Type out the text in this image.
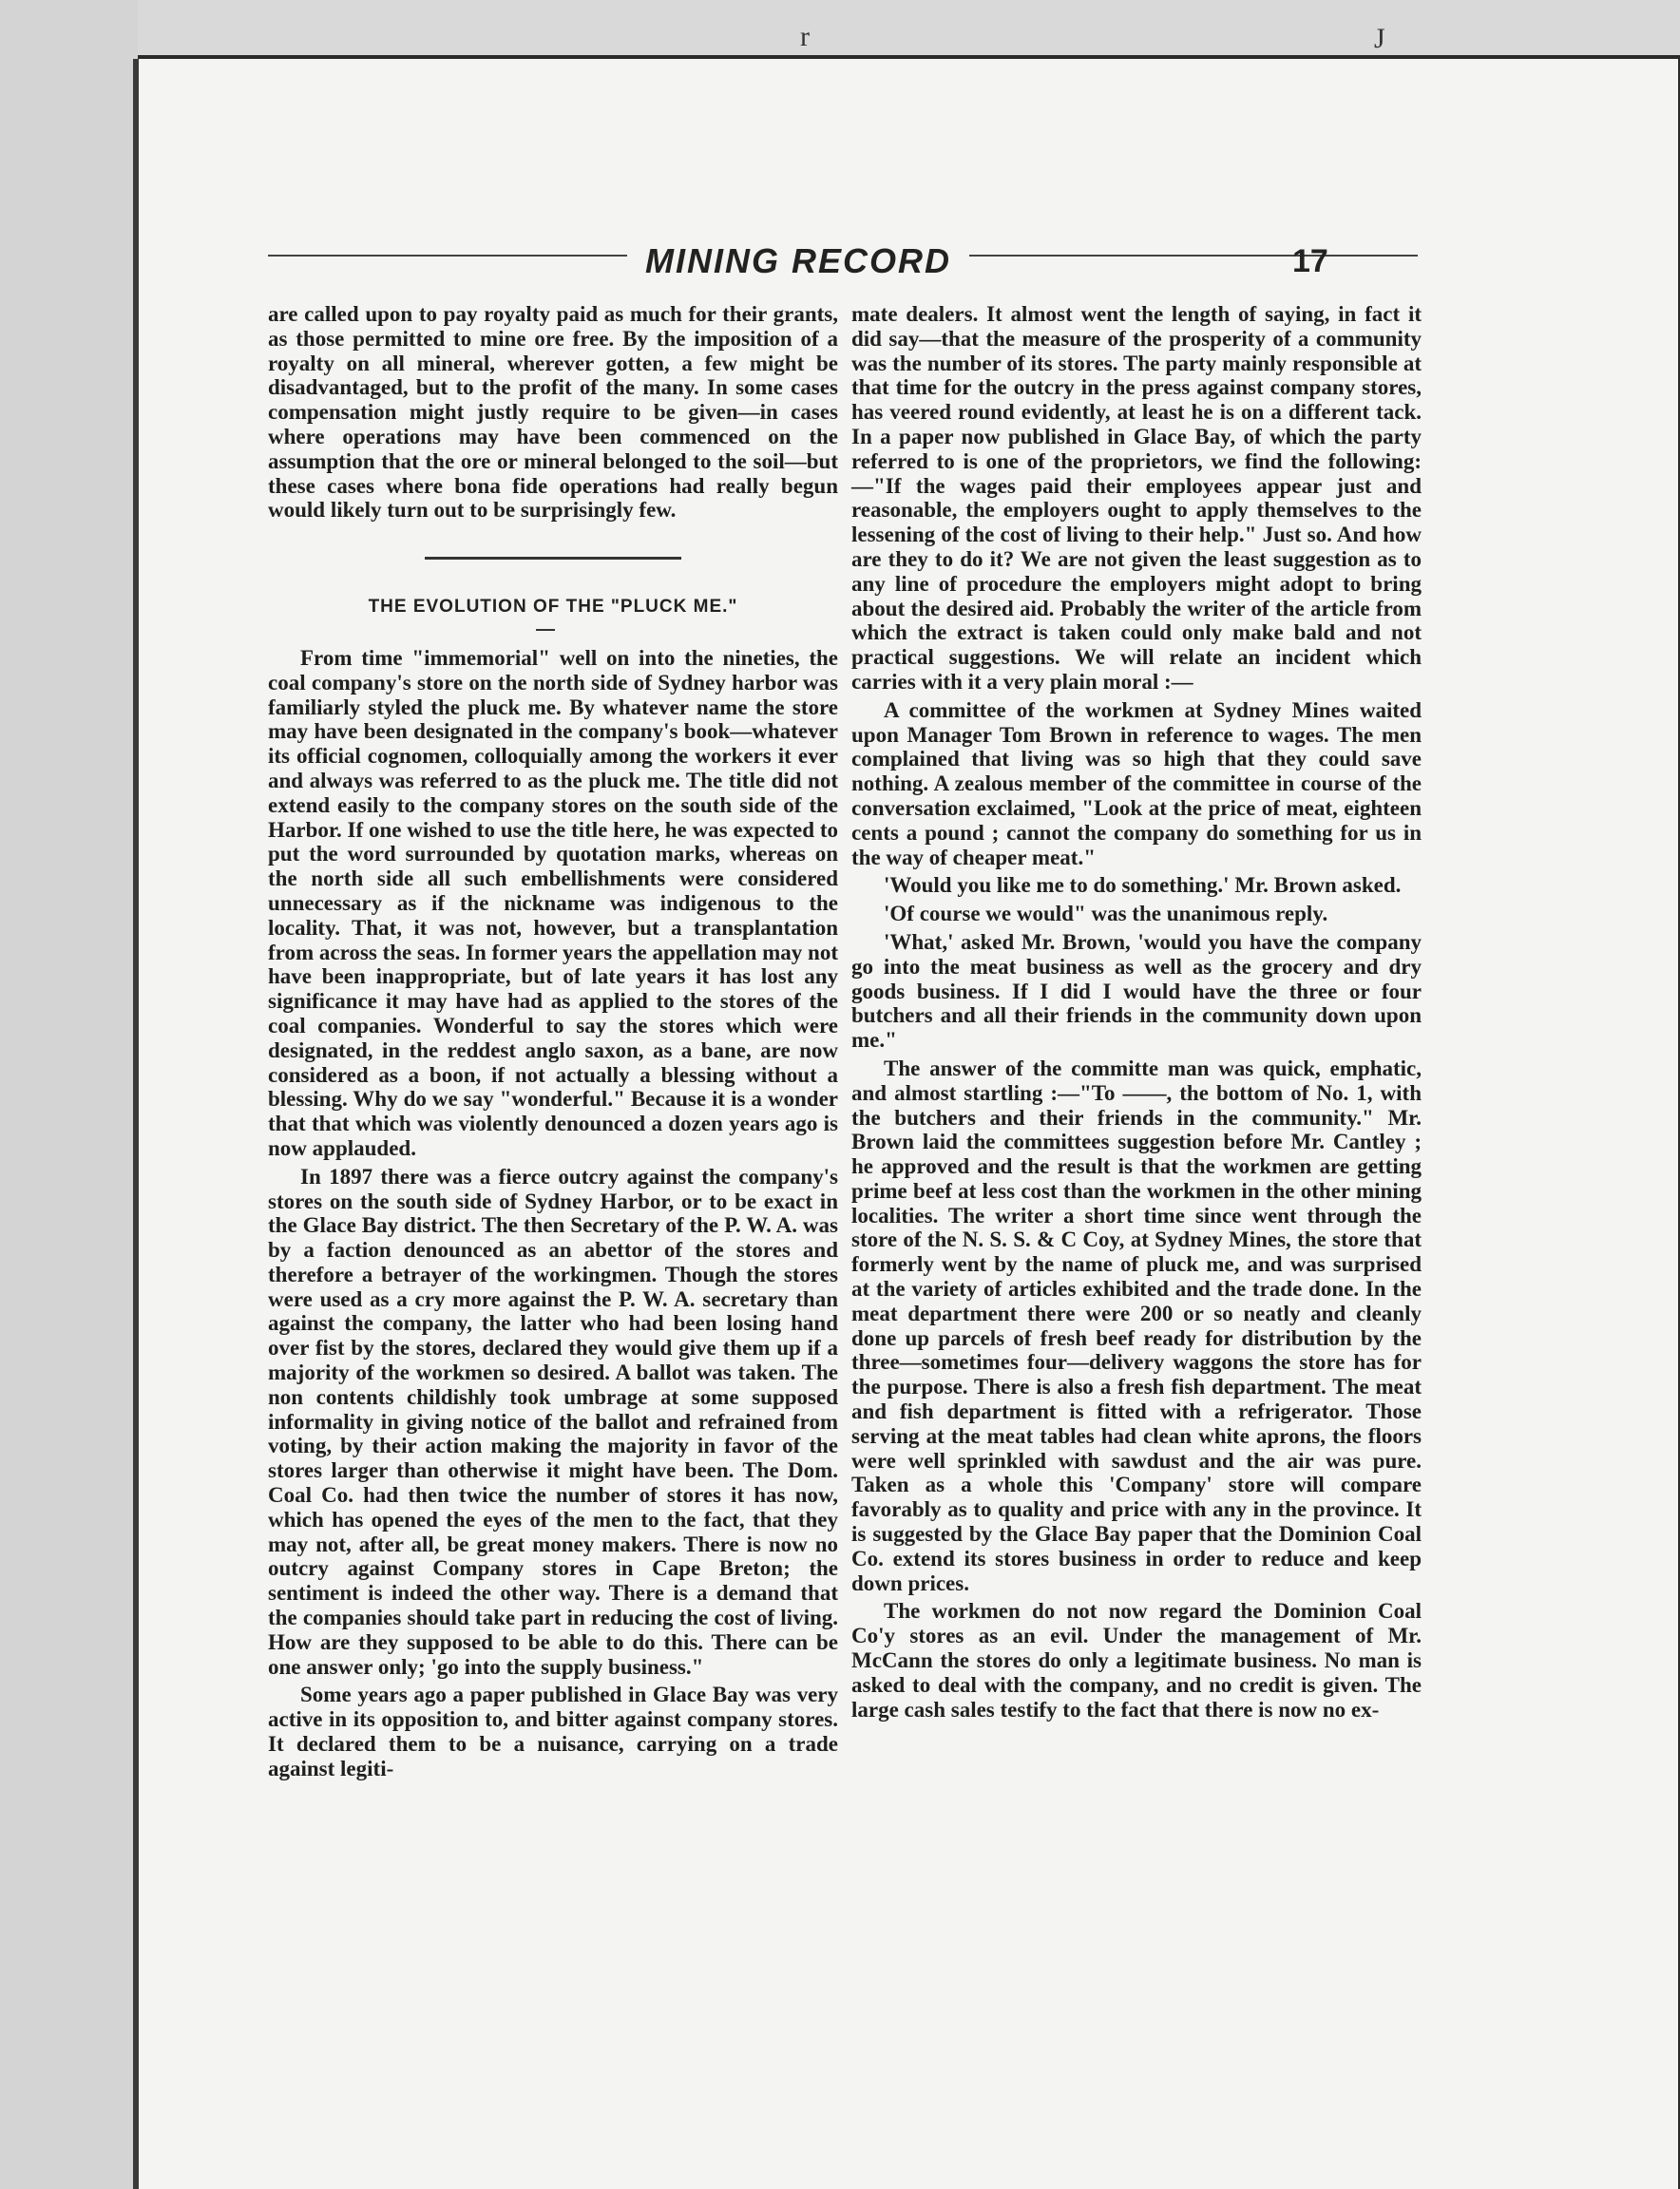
r	J
MINING RECORD	17

are called upon to pay royalty paid as much for their grants, as those permitted to mine ore free. By the imposition of a royalty on all mineral, wherever gotten, a few might be disadvantaged, but to the profit of the many. In some cases compensation might justly require to be given—in cases where operations may have been commenced on the assumption that the ore or mineral belonged to the soil—but these cases where bona fide operations had really begun would likely turn out to be surprisingly few.

THE EVOLUTION OF THE "PLUCK ME."

From time "immemorial" well on into the nineties, the coal company's store on the north side of Sydney harbor was familiarly styled the pluck me. By whatever name the store may have been designated in the company's book—whatever its official cognomen, colloquially among the workers it ever and always was referred to as the pluck me. The title did not extend easily to the company stores on the south side of the Harbor. If one wished to use the title here, he was expected to put the word surrounded by quotation marks, whereas on the north side all such embellishments were considered unnecessary as if the nickname was indigenous to the locality. That, it was not, however, but a transplantation from across the seas. In former years the appellation may not have been inappropriate, but of late years it has lost any significance it may have had as applied to the stores of the coal companies. Wonderful to say the stores which were designated, in the reddest anglo saxon, as a bane, are now considered as a boon, if not actually a blessing without a blessing. Why do we say "wonderful." Because it is a wonder that that which was violently denounced a dozen years ago is now applauded.

In 1897 there was a fierce outcry against the company's stores on the south side of Sydney Harbor, or to be exact in the Glace Bay district. The then Secretary of the P. W. A. was by a faction denounced as an abettor of the stores and therefore a betrayer of the workingmen. Though the stores were used as a cry more against the P. W. A. secretary than against the company, the latter who had been losing hand over fist by the stores, declared they would give them up if a majority of the workmen so desired. A ballot was taken. The non contents childishly took umbrage at some supposed informality in giving notice of the ballot and refrained from voting, by their action making the majority in favor of the stores larger than otherwise it might have been. The Dom. Coal Co. had then twice the number of stores it has now, which has opened the eyes of the men to the fact, that they may not, after all, be great money makers. There is now no outcry against Company stores in Cape Breton; the sentiment is indeed the other way. There is a demand that the companies should take part in reducing the cost of living. How are they supposed to be able to do this. There can be one answer only; 'go into the supply business."

Some years ago a paper published in Glace Bay was very active in its opposition to, and bitter against company stores. It declared them to be a nuisance, carrying on a trade against legiti-

mate dealers. It almost went the length of saying, in fact it did say—that the measure of the prosperity of a community was the number of its stores. The party mainly responsible at that time for the outcry in the press against company stores, has veered round evidently, at least he is on a different tack. In a paper now published in Glace Bay, of which the party referred to is one of the proprietors, we find the following: —"If the wages paid their employees appear just and reasonable, the employers ought to apply themselves to the lessening of the cost of living to their help." Just so. And how are they to do it? We are not given the least suggestion as to any line of procedure the employers might adopt to bring about the desired aid. Probably the writer of the article from which the extract is taken could only make bald and not practical suggestions. We will relate an incident which carries with it a very plain moral :—

A committee of the workmen at Sydney Mines waited upon Manager Tom Brown in reference to wages. The men complained that living was so high that they could save nothing. A zealous member of the committee in course of the conversation exclaimed, "Look at the price of meat, eighteen cents a pound ; cannot the company do something for us in the way of cheaper meat."

'Would you like me to do something.' Mr. Brown asked.

'Of course we would" was the unanimous reply.

'What,' asked Mr. Brown, 'would you have the company go into the meat business as well as the grocery and dry goods business. If I did I would have the three or four butchers and all their friends in the community down upon me."

The answer of the committe man was quick, emphatic, and almost startling :—"To ——, the bottom of No. 1, with the butchers and their friends in the community." Mr. Brown laid the committees suggestion before Mr. Cantley ; he approved and the result is that the workmen are getting prime beef at less cost than the workmen in the other mining localities. The writer a short time since went through the store of the N. S. S. & C Coy, at Sydney Mines, the store that formerly went by the name of pluck me, and was surprised at the variety of articles exhibited and the trade done. In the meat department there were 200 or so neatly and cleanly done up parcels of fresh beef ready for distribution by the three—sometimes four—delivery waggons the store has for the purpose. There is also a fresh fish department. The meat and fish department is fitted with a refrigerator. Those serving at the meat tables had clean white aprons, the floors were well sprinkled with sawdust and the air was pure. Taken as a whole this 'Company' store will compare favorably as to quality and price with any in the province. It is suggested by the Glace Bay paper that the Dominion Coal Co. extend its stores business in order to reduce and keep down prices.

The workmen do not now regard the Dominion Coal Co'y stores as an evil. Under the management of Mr. McCann the stores do only a legitimate business. No man is asked to deal with the company, and no credit is given. The large cash sales testify to the fact that there is now no ex-
